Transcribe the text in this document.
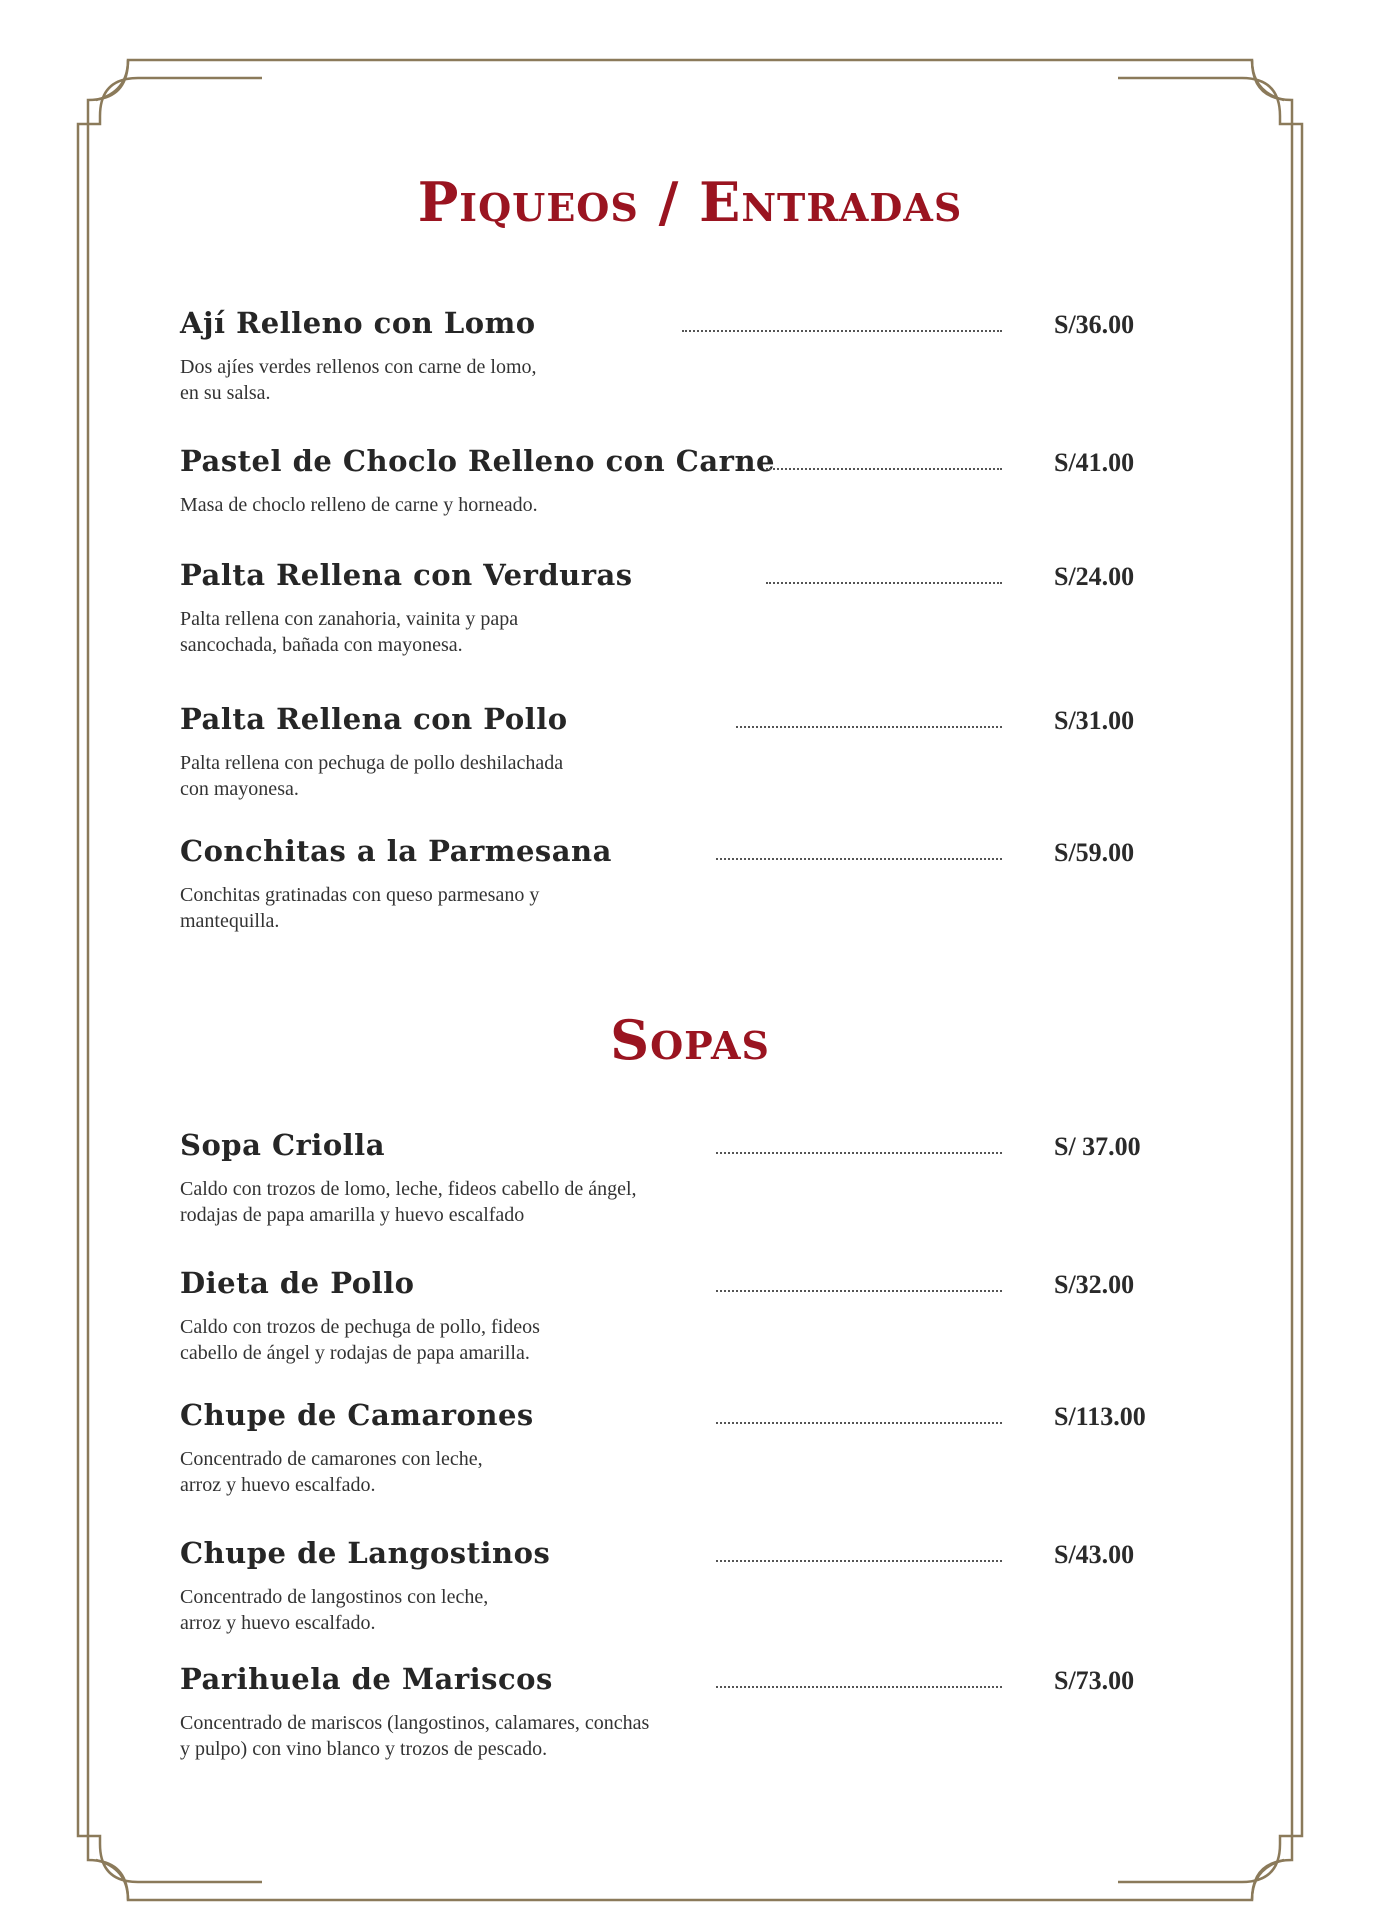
Piqueos / Entradas
Ají Relleno con Lomo
Dos ajíes verdes rellenos con carne de lomo,
en su salsa.
S/36.00
Pastel de Choclo Relleno con Carne
Masa de choclo relleno de carne y horneado.
S/41.00
Palta Rellena con Verduras
Palta rellena con zanahoria, vainita y papa
sancochada, bañada con mayonesa.
S/24.00
Palta Rellena con Pollo
Palta rellena con pechuga de pollo deshilachada
con mayonesa.
S/31.00
Conchitas a la Parmesana
Conchitas gratinadas con queso parmesano y
mantequilla.
S/59.00
Sopas
Sopa Criolla
Caldo con trozos de lomo, leche, fideos cabello de ángel,
rodajas de papa amarilla y huevo escalfado
S/ 37.00
Dieta de Pollo
Caldo con trozos de pechuga de pollo, fideos
cabello de ángel y rodajas de papa amarilla.
S/32.00
Chupe de Camarones
Concentrado de camarones con leche,
arroz y huevo escalfado.
S/113.00
Chupe de Langostinos
Concentrado de langostinos con leche,
arroz y huevo escalfado.
S/43.00
Parihuela de Mariscos
Concentrado de mariscos (langostinos, calamares, conchas
y pulpo) con vino blanco y trozos de pescado.
S/73.00
